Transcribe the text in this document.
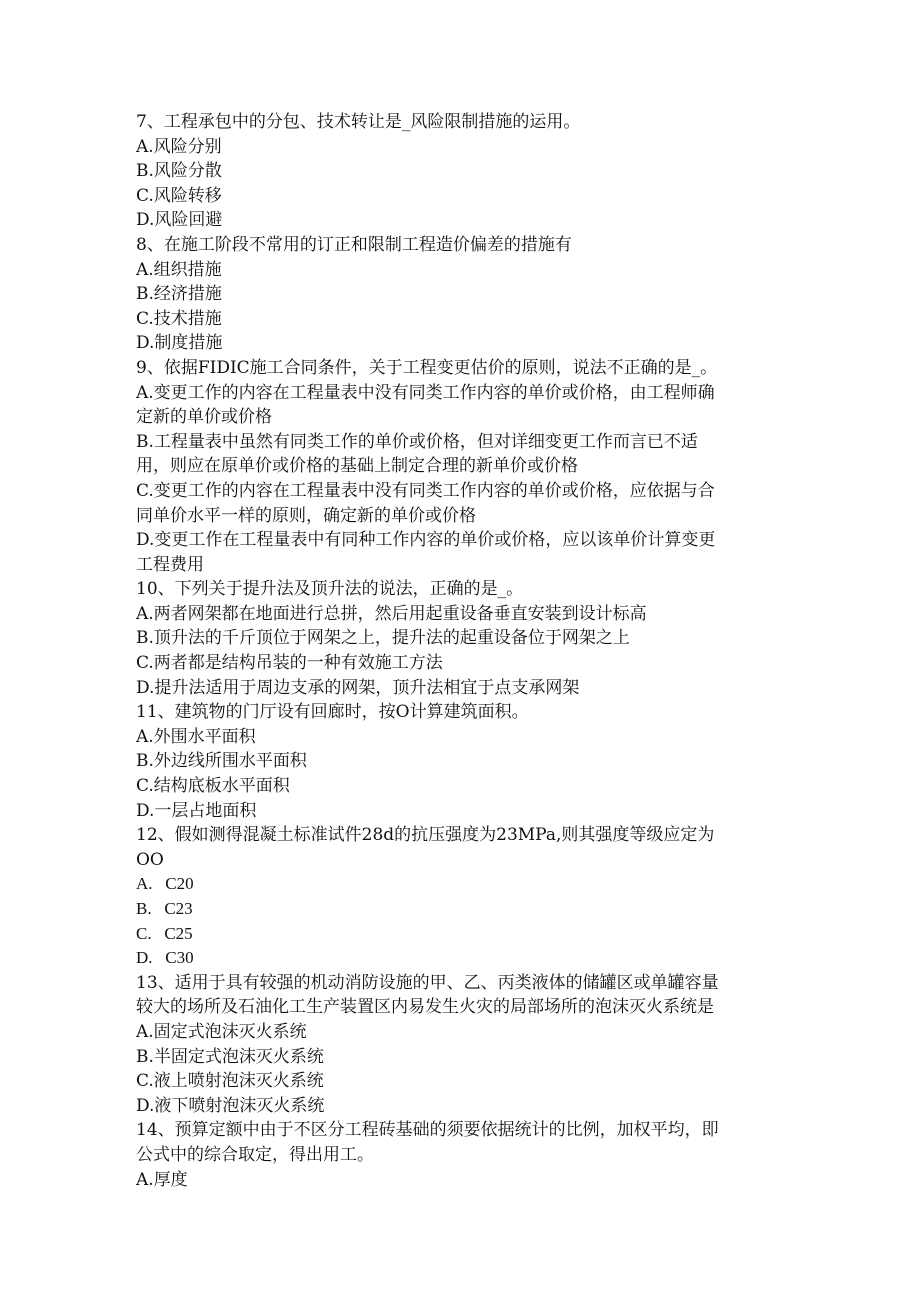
7、工程承包中的分包、技术转让是_风险限制措施的运用。
A.风险分别
B.风险分散
C.风险转移
D.风险回避
8、在施工阶段不常用的订正和限制工程造价偏差的措施有
A.组织措施
B.经济措施
C.技术措施
D.制度措施
9、依据FIDIC施工合同条件，关于工程变更估价的原则，说法不正确的是_。
A.变更工作的内容在工程量表中没有同类工作内容的单价或价格，由工程师确
定新的单价或价格
B.工程量表中虽然有同类工作的单价或价格，但对详细变更工作而言已不适
用，则应在原单价或价格的基础上制定合理的新单价或价格
C.变更工作的内容在工程量表中没有同类工作内容的单价或价格，应依据与合
同单价水平一样的原则，确定新的单价或价格
D.变更工作在工程量表中有同种工作内容的单价或价格，应以该单价计算变更
工程费用
10、下列关于提升法及顶升法的说法，正确的是_。
A.两者网架都在地面进行总拼，然后用起重设备垂直安装到设计标高
B.顶升法的千斤顶位于网架之上，提升法的起重设备位于网架之上
C.两者都是结构吊装的一种有效施工方法
D.提升法适用于周边支承的网架，顶升法相宜于点支承网架
11、建筑物的门厅设有回廊时，按O计算建筑面积。
A.外围水平面积
B.外边线所围水平面积
C.结构底板水平面积
D.一层占地面积
12、假如测得混凝土标准试件28d的抗压强度为23MPa,则其强度等级应定为
OO
A.   C20
B.   C23
C.   C25
D.   C30
13、适用于具有较强的机动消防设施的甲、乙、丙类液体的储罐区或单罐容量
较大的场所及石油化工生产装置区内易发生火灾的局部场所的泡沫灭火系统是
A.固定式泡沫灭火系统
B.半固定式泡沫灭火系统
C.液上喷射泡沫灭火系统
D.液下喷射泡沫灭火系统
14、预算定额中由于不区分工程砖基础的须要依据统计的比例，加权平均，即
公式中的综合取定，得出用工。
A.厚度
